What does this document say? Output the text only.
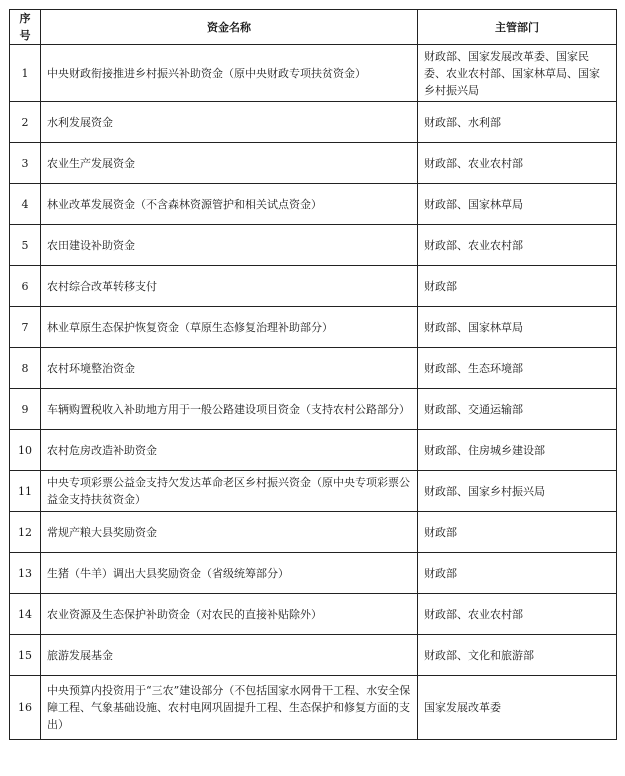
序号	资金名称	主管部门
1	中央财政衔接推进乡村振兴补助资金（原中央财政专项扶贫资金）	财政部、国家发展改革委、国家民委、农业农村部、国家林草局、国家乡村振兴局
2	水利发展资金	财政部、水利部
3	农业生产发展资金	财政部、农业农村部
4	林业改革发展资金（不含森林资源管护和相关试点资金）	财政部、国家林草局
5	农田建设补助资金	财政部、农业农村部
6	农村综合改革转移支付	财政部
7	林业草原生态保护恢复资金（草原生态修复治理补助部分）	财政部、国家林草局
8	农村环境整治资金	财政部、生态环境部
9	车辆购置税收入补助地方用于一般公路建设项目资金（支持农村公路部分）	财政部、交通运输部
10	农村危房改造补助资金	财政部、住房城乡建设部
11	中央专项彩票公益金支持欠发达革命老区乡村振兴资金（原中央专项彩票公益金支持扶贫资金）	财政部、国家乡村振兴局
12	常规产粮大县奖励资金	财政部
13	生猪（牛羊）调出大县奖励资金（省级统筹部分）	财政部
14	农业资源及生态保护补助资金（对农民的直接补贴除外）	财政部、农业农村部
15	旅游发展基金	财政部、文化和旅游部
16	中央预算内投资用于“三农”建设部分（不包括国家水网骨干工程、水安全保障工程、气象基础设施、农村电网巩固提升工程、生态保护和修复方面的支出）	国家发展改革委
